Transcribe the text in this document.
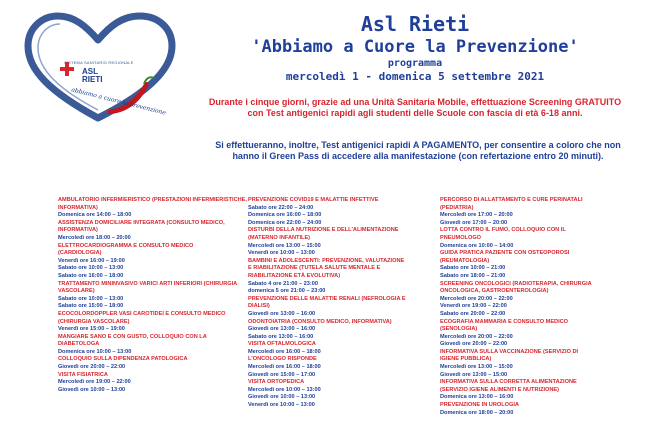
SISTEMA SANITARIO REGIONALE
ASL
RIETI
abbiamo a cuore la prevenzione
Asl Rieti
'Abbiamo a Cuore la Prevenzione'
programma
mercoledì 1 - domenica 5 settembre 2021
Durante i cinque giorni, grazie ad una Unità Sanitaria Mobile, effettuazione Screening GRATUITO
con Test antigenici rapidi agli studenti delle Scuole con fascia di età 6-18 anni.
Si effettueranno, inoltre, Test antigenici rapidi A PAGAMENTO, per consentire a coloro che non
hanno il Green Pass di accedere alla manifestazione (con refertazione entro 20 minuti).
AMBULATORIO INFERMIERISTICO (PRESTAZIONI INFERMIERISTICHE,
INFORMATIVA)
Domenica ore 14:00 – 18:00
ASSISTENZA DOMICILIARE INTEGRATA (CONSULTO MEDICO,
INFORMATIVA)
Mercoledì ore 18:00 – 20:00
ELETTROCARDIOGRAMMA E CONSULTO MEDICO
(CARDIOLOGIA)
Venerdì ore 16:00 – 19:00
Sabato ore 10:00 – 13:00
Sabato ore 16:00 – 18:00
TRATTAMENTO MININVASIVO VARICI ARTI INFERIORI (CHIRURGIA
VASCOLARE)
Sabato ore 10:00 – 13:00
Sabato ore 15:00 – 18:00
ECOCOLORDOPPLER VASI CAROTIDEI E CONSULTO MEDICO
(CHIRURGIA VASCOLARE)
Venerdì ore 15:00 – 19:00
MANGIARE SANO E CON GUSTO, COLLOQUIO CON LA
DIABETOLOGA
Domenica ore 10:00 – 13:00
COLLOQUIO SULLA DIPENDENZA PATOLOGICA
Giovedì ore 20:00 – 22:00
VISITA FISIATRICA
Mercoledì ore 19:00 – 22:00
Giovedì ore 10:00 – 13:00
PREVENZIONE COVID19 E MALATTIE INFETTIVE
Sabato ore 22:00 – 24:00
Domenica ore 16:00 – 18:00
Domenica ore 22:00 – 24:00
DISTURBI DELLA NUTRIZIONE E DELL'ALIMENTAZIONE
(MATERNO INFANTILE)
Mercoledì ore 13:00 – 15:00
Venerdì ore 10:00 – 13:00
BAMBINI E ADOLESCENTI: PREVENZIONE, VALUTAZIONE
E RIABILITAZIONE (TUTELA SALUTE MENTALE E
RIABILITAZIONE ETÀ EVOLUTIVA)
Sabato 4 ore 21:00 – 23:00
domenica 5 ore 21:00 – 23:00
PREVENZIONE DELLE MALATTIE RENALI (NEFROLOGIA E
DIALISI)
Giovedì ore 13:00 – 16:00
ODONTOIATRIA (CONSULTO MEDICO, INFORMATIVA)
Giovedì ore 13:00 – 16:00
Sabato ore 13:00 – 16:00
VISITA OFTALMOLOGICA
Mercoledì ore 16:00 – 18:00
L'ONCOLOGO RISPONDE
Mercoledì ore 16:00 – 18:00
Giovedì ore 15:00 – 17:00
VISITA ORTOPEDICA
Mercoledì ore 10:00 – 13:00
Giovedì ore 10:00 – 13:00
Venerdì ore 10:00 – 13:00
PERCORSO DI ALLATTAMENTO E CURE PERINATALI
(PEDIATRIA)
Mercoledì ore 17:00 – 20:00
Giovedì ore 17:00 – 20:00
LOTTA CONTRO IL FUMO, COLLOQUIO CON IL
PNEUMOLOGO
Domenica ore 10:00 – 14:00
GUIDA PRATICA PAZIENTE CON OSTEOPOROSI
(REUMATOLOGIA)
Sabato ore 10:00 – 21:00
Sabato ore 18:00 – 21:00
SCREENING ONCOLOGICI (RADIOTERAPIA, CHIRURGIA
ONCOLOGICA, GASTROENTEROLOGIA)
Mercoledì ore 20:00 – 22:00
Venerdì ore 19:00 – 22:00
Sabato ore 20:00 – 22:00
ECOGRAFIA MAMMARIA E CONSULTO MEDICO
(SENOLOGIA)
Mercoledì ore 20:00 – 22:00
Giovedì ore 20:00 – 22:00
INFORMATIVA SULLA VACCINAZIONE (SERVIZIO DI
IGIENE PUBBLICA)
Mercoledì ore 13:00 – 15:00
Giovedì ore 13:00 – 15:00
INFORMATIVA SULLA CORRETTA ALIMENTAZIONE
(SERVIZIO IGIENE ALIMENTI E NUTRIZIONE)
Domenica ore 13:00 – 16:00
PREVENZIONE IN UROLOGIA
Domenica ore 18:00 – 20:00
